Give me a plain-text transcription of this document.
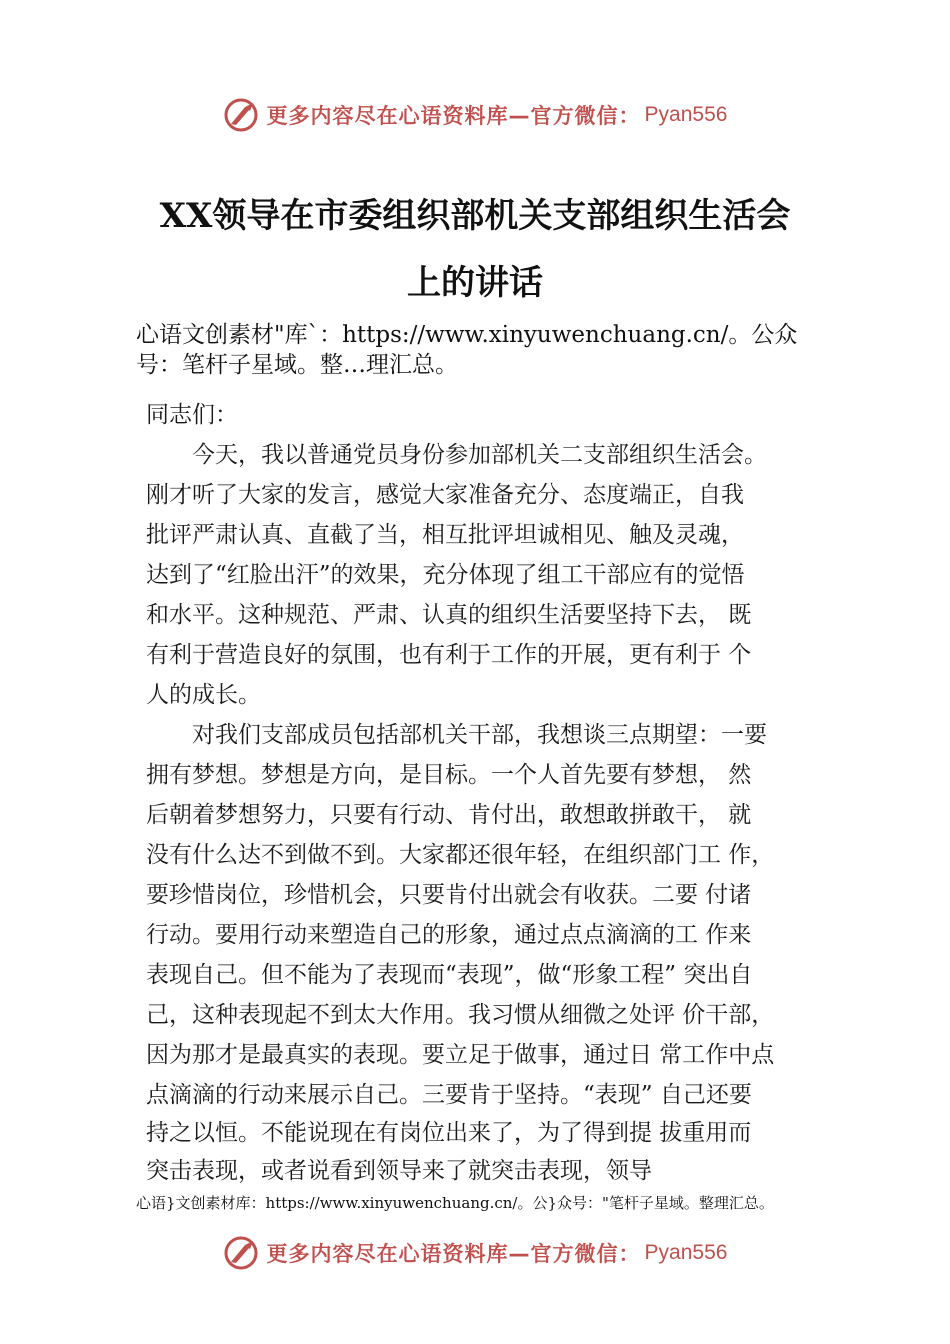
更多内容尽在心语资料库—官方微信： Pyan556
XX领导在市委组织部机关支部组织生活会
上的讲话
心语文创素材"库`：https://www.xinyuwenchuang.cn/。公众
号：笔杆子星域。整…理汇总。
同志们：
　　今天，我以普通党员身份参加部机关二支部组织生活会。
刚才听了大家的发言，感觉大家准备充分、态度端正，自我
批评严肃认真、直截了当，相互批评坦诚相见、触及灵魂，
达到了“红脸出汗”的效果，充分体现了组工干部应有的觉悟
和水平。这种规范、严肃、认真的组织生活要坚持下去， 既
有利于营造良好的氛围，也有利于工作的开展，更有利于 个
人的成长。
　　对我们支部成员包括部机关干部，我想谈三点期望：一要
拥有梦想。梦想是方向，是目标。一个人首先要有梦想， 然
后朝着梦想努力，只要有行动、肯付出，敢想敢拼敢干， 就
没有什么达不到做不到。大家都还很年轻，在组织部门工 作，
要珍惜岗位，珍惜机会，只要肯付出就会有收获。二要 付诸
行动。要用行动来塑造自己的形象，通过点点滴滴的工 作来
表现自己。但不能为了表现而“表现”，做“形象工程” 突出自
己，这种表现起不到太大作用。我习惯从细微之处评 价干部，
因为那才是最真实的表现。要立足于做事，通过日 常工作中点
点滴滴的行动来展示自己。三要肯于坚持。“表现” 自己还要
持之以恒。不能说现在有岗位出来了，为了得到提 拔重用而
突击表现，或者说看到领导来了就突击表现，领导
心语}文创素材库：https://www.xinyuwenchuang.cn/。公}众号："笔杆子星域。整理汇总。
更多内容尽在心语资料库—官方微信： Pyan556
